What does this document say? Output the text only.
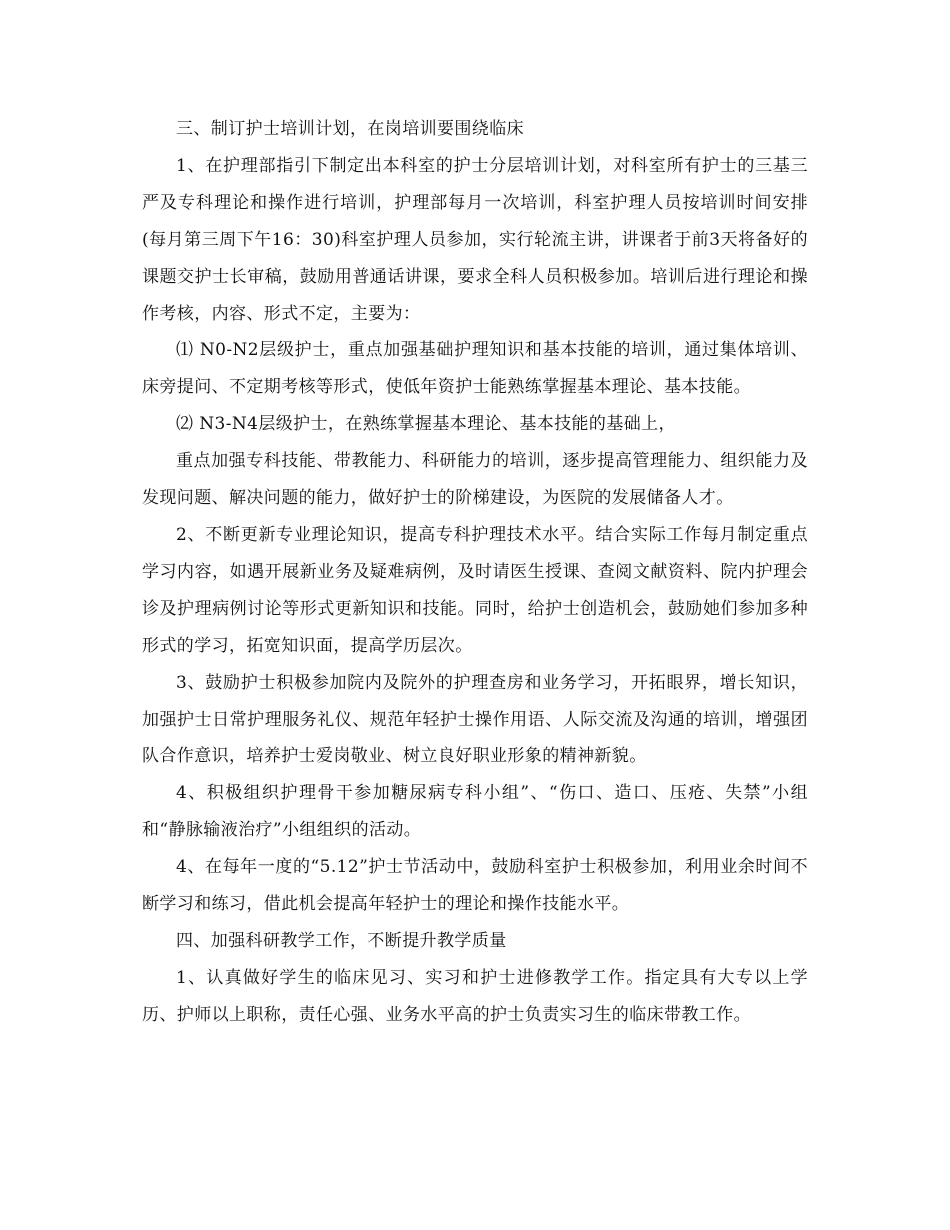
三、制订护士培训计划，在岗培训要围绕临床

1、在护理部指引下制定出本科室的护士分层培训计划，对科室所有护士的三基三严及专科理论和操作进行培训，护理部每月一次培训，科室护理人员按培训时间安排(每月第三周下午16：30)科室护理人员参加，实行轮流主讲，讲课者于前3天将备好的课题交护士长审稿，鼓励用普通话讲课，要求全科人员积极参加。培训后进行理论和操作考核，内容、形式不定，主要为：

⑴ N0-N2层级护士，重点加强基础护理知识和基本技能的培训，通过集体培训、床旁提问、不定期考核等形式，使低年资护士能熟练掌握基本理论、基本技能。

⑵ N3-N4层级护士，在熟练掌握基本理论、基本技能的基础上，

重点加强专科技能、带教能力、科研能力的培训，逐步提高管理能力、组织能力及发现问题、解决问题的能力，做好护士的阶梯建设，为医院的发展储备人才。

2、不断更新专业理论知识，提高专科护理技术水平。结合实际工作每月制定重点学习内容，如遇开展新业务及疑难病例，及时请医生授课、查阅文献资料、院内护理会诊及护理病例讨论等形式更新知识和技能。同时，给护士创造机会，鼓励她们参加多种形式的学习，拓宽知识面，提高学历层次。

3、鼓励护士积极参加院内及院外的护理查房和业务学习，开拓眼界，增长知识，加强护士日常护理服务礼仪、规范年轻护士操作用语、人际交流及沟通的培训，增强团队合作意识，培养护士爱岗敬业、树立良好职业形象的精神新貌。

4、积极组织护理骨干参加糖尿病专科小组”、“伤口、造口、压疮、失禁”小组和“静脉输液治疗”小组组织的活动。

4、在每年一度的“5.12”护士节活动中，鼓励科室护士积极参加，利用业余时间不断学习和练习，借此机会提高年轻护士的理论和操作技能水平。

四、加强科研教学工作，不断提升教学质量

1、认真做好学生的临床见习、实习和护士进修教学工作。指定具有大专以上学历、护师以上职称，责任心强、业务水平高的护士负责实习生的临床带教工作。
